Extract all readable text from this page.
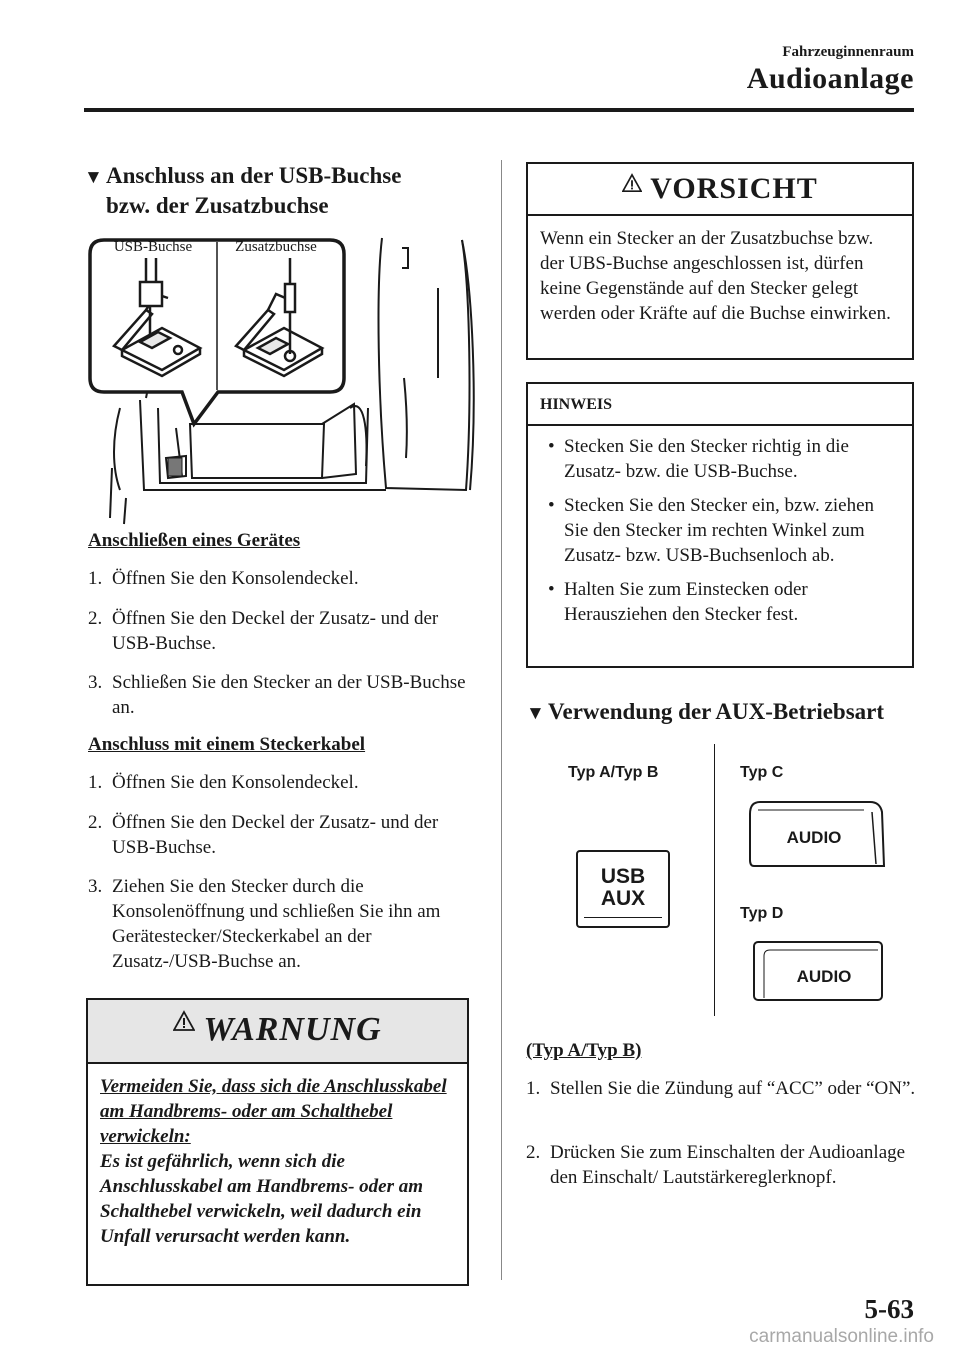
Fahrzeuginnenraum
Audioanlage
▼ Anschluss an der USB-Buchse
bzw. der Zusatzbuchse
USB-Buchse	Zusatzbuchse
Anschließen eines Gerätes
1. Öffnen Sie den Konsolendeckel.
2. Öffnen Sie den Deckel der Zusatz- und der USB-Buchse.
3. Schließen Sie den Stecker an der USB-Buchse an.
Anschluss mit einem Steckerkabel
1. Öffnen Sie den Konsolendeckel.
2. Öffnen Sie den Deckel der Zusatz- und der USB-Buchse.
3. Ziehen Sie den Stecker durch die Konsolenöffnung und schließen Sie ihn am Gerätestecker/Steckerkabel an der Zusatz-/USB-Buchse an.
WARNUNG
Vermeiden Sie, dass sich die Anschlusskabel am Handbrems- oder am Schalthebel verwickeln:
Es ist gefährlich, wenn sich die Anschlusskabel am Handbrems- oder am Schalthebel verwickeln, weil dadurch ein Unfall verursacht werden kann.
VORSICHT
Wenn ein Stecker an der Zusatzbuchse bzw. der UBS-Buchse angeschlossen ist, dürfen keine Gegenstände auf den Stecker gelegt werden oder Kräfte auf die Buchse einwirken.
HINWEIS
• Stecken Sie den Stecker richtig in die Zusatz- bzw. die USB-Buchse.
• Stecken Sie den Stecker ein, bzw. ziehen Sie den Stecker im rechten Winkel zum Zusatz- bzw. USB-Buchsenloch ab.
• Halten Sie zum Einstecken oder Herausziehen den Stecker fest.
▼ Verwendung der AUX-Betriebsart
Typ A/Typ B	Typ C
Typ D
USB
AUX
AUDIO
AUDIO
(Typ A/Typ B)
1. Stellen Sie die Zündung auf “ACC” oder “ON”.
2. Drücken Sie zum Einschalten der Audioanlage den Einschalt/ Lautstärkereglerknopf.
5-63
carmanualsonline.info
